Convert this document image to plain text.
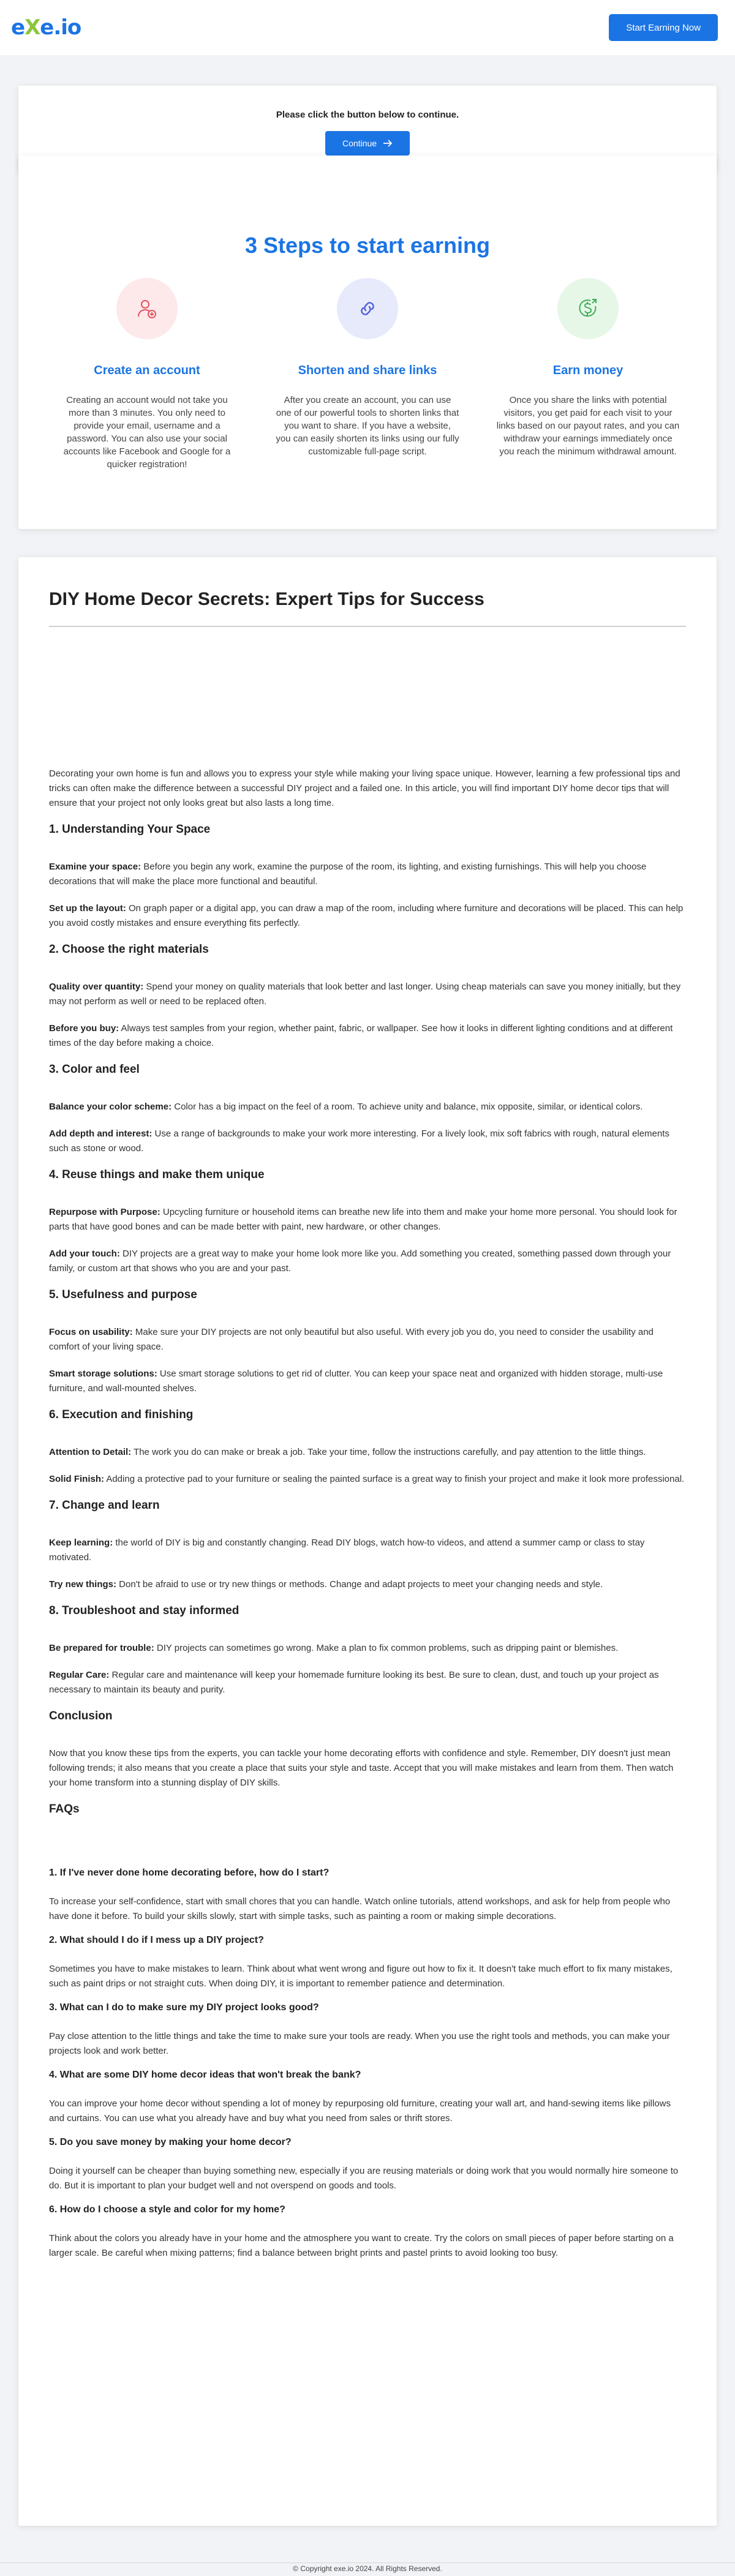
e X e.io	Start Earning Now
Please click the button below to continue.
Continue
3 Steps to start earning
Create an account

Creating an account would not take you more than 3 minutes. You only need to provide your email, username and a password. You can also use your social accounts like Facebook and Google for a quicker registration!

Shorten and share links

After you create an account, you can use one of our powerful tools to shorten links that you want to share. If you have a website, you can easily shorten its links using our fully customizable full-page script.

Earn money

Once you share the links with potential visitors, you get paid for each visit to your links based on our payout rates, and you can withdraw your earnings immediately once you reach the minimum withdrawal amount.

DIY Home Decor Secrets: Expert Tips for Success

Decorating your own home is fun and allows you to express your style while making your living space unique. However, learning a few professional tips and tricks can often make the difference between a successful DIY project and a failed one. In this article, you will find important DIY home decor tips that will ensure that your project not only looks great but also lasts a long time.

1. Understanding Your Space

Examine your space: Before you begin any work, examine the purpose of the room, its lighting, and existing furnishings. This will help you choose decorations that will make the place more functional and beautiful.

Set up the layout: On graph paper or a digital app, you can draw a map of the room, including where furniture and decorations will be placed. This can help you avoid costly mistakes and ensure everything fits perfectly.

2. Choose the right materials

Quality over quantity: Spend your money on quality materials that look better and last longer. Using cheap materials can save you money initially, but they may not perform as well or need to be replaced often.

Before you buy: Always test samples from your region, whether paint, fabric, or wallpaper. See how it looks in different lighting conditions and at different times of the day before making a choice.

3. Color and feel

Balance your color scheme: Color has a big impact on the feel of a room. To achieve unity and balance, mix opposite, similar, or identical colors.

Add depth and interest: Use a range of backgrounds to make your work more interesting. For a lively look, mix soft fabrics with rough, natural elements such as stone or wood.

4. Reuse things and make them unique

Repurpose with Purpose: Upcycling furniture or household items can breathe new life into them and make your home more personal. You should look for parts that have good bones and can be made better with paint, new hardware, or other changes.

Add your touch: DIY projects are a great way to make your home look more like you. Add something you created, something passed down through your family, or custom art that shows who you are and your past.

5. Usefulness and purpose

Focus on usability: Make sure your DIY projects are not only beautiful but also useful. With every job you do, you need to consider the usability and comfort of your living space.

Smart storage solutions: Use smart storage solutions to get rid of clutter. You can keep your space neat and organized with hidden storage, multi-use furniture, and wall-mounted shelves.

6. Execution and finishing

Attention to Detail: The work you do can make or break a job. Take your time, follow the instructions carefully, and pay attention to the little things.

Solid Finish: Adding a protective pad to your furniture or sealing the painted surface is a great way to finish your project and make it look more professional.

7. Change and learn

Keep learning: the world of DIY is big and constantly changing. Read DIY blogs, watch how-to videos, and attend a summer camp or class to stay motivated.

Try new things: Don't be afraid to use or try new things or methods. Change and adapt projects to meet your changing needs and style.

8. Troubleshoot and stay informed

Be prepared for trouble: DIY projects can sometimes go wrong. Make a plan to fix common problems, such as dripping paint or blemishes.

Regular Care: Regular care and maintenance will keep your homemade furniture looking its best. Be sure to clean, dust, and touch up your project as necessary to maintain its beauty and purity.

Conclusion

Now that you know these tips from the experts, you can tackle your home decorating efforts with confidence and style. Remember, DIY doesn't just mean following trends; it also means that you create a place that suits your style and taste. Accept that you will make mistakes and learn from them. Then watch your home transform into a stunning display of DIY skills.

FAQs
1. If I've never done home decorating before, how do I start?

To increase your self-confidence, start with small chores that you can handle. Watch online tutorials, attend workshops, and ask for help from people who have done it before. To build your skills slowly, start with simple tasks, such as painting a room or making simple decorations.

2. What should I do if I mess up a DIY project?

Sometimes you have to make mistakes to learn. Think about what went wrong and figure out how to fix it. It doesn't take much effort to fix many mistakes, such as paint drips or not straight cuts. When doing DIY, it is important to remember patience and determination.

3. What can I do to make sure my DIY project looks good?

Pay close attention to the little things and take the time to make sure your tools are ready. When you use the right tools and methods, you can make your projects look and work better.

4. What are some DIY home decor ideas that won't break the bank?

You can improve your home decor without spending a lot of money by repurposing old furniture, creating your wall art, and hand-sewing items like pillows and curtains. You can use what you already have and buy what you need from sales or thrift stores.

5. Do you save money by making your home decor?

Doing it yourself can be cheaper than buying something new, especially if you are reusing materials or doing work that you would normally hire someone to do. But it is important to plan your budget well and not overspend on goods and tools.

6. How do I choose a style and color for my home?

Think about the colors you already have in your home and the atmosphere you want to create. Try the colors on small pieces of paper before starting on a larger scale. Be careful when mixing patterns; find a balance between bright prints and pastel prints to avoid looking too busy.

© Copyright exe.io 2024. All Rights Reserved.
